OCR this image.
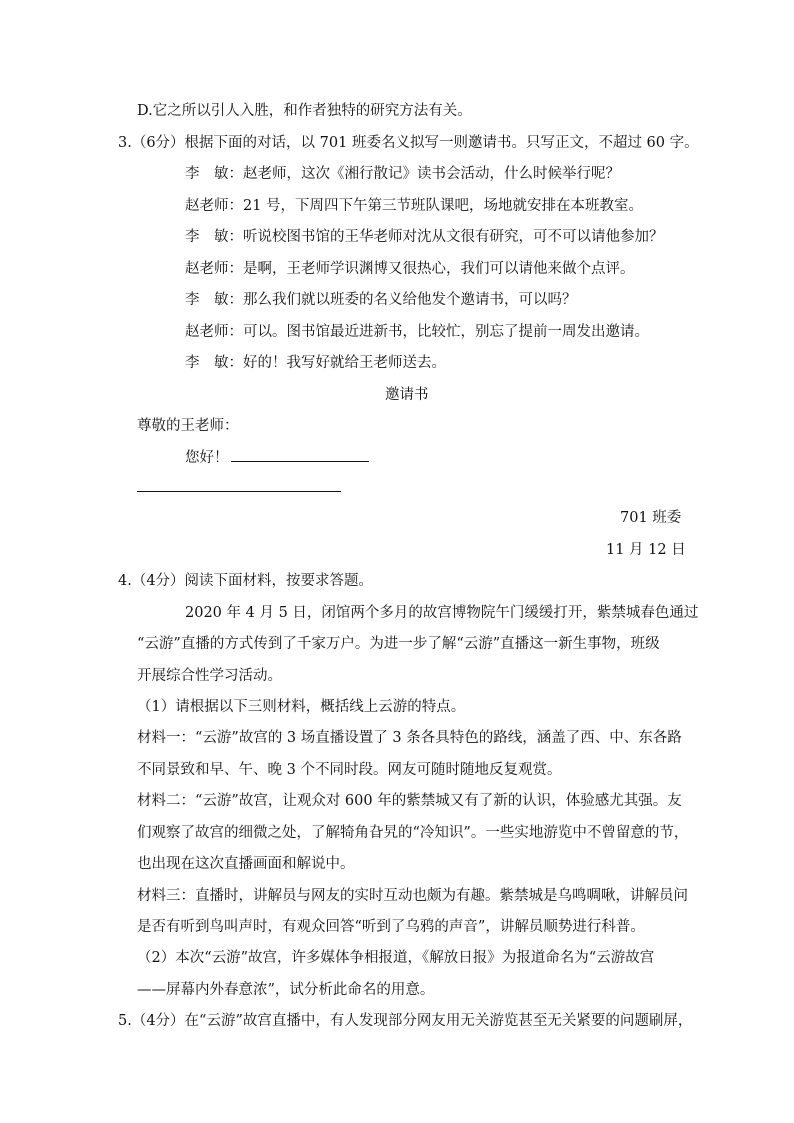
D.它之所以引人入胜，和作者独特的研究方法有关。
3.（6分）根据下面的对话，以 701 班委名义拟写一则邀请书。只写正文，不超过 60 字。
李　敏：赵老师，这次《湘行散记》读书会活动，什么时候举行呢？
赵老师：21 号，下周四下午第三节班队课吧，场地就安排在本班教室。
李　敏：听说校图书馆的王华老师对沈从文很有研究，可不可以请他参加？
赵老师：是啊，王老师学识渊博又很热心，我们可以请他来做个点评。
李　敏：那么我们就以班委的名义给他发个邀请书，可以吗？
赵老师：可以。图书馆最近进新书，比较忙，别忘了提前一周发出邀请。
李　敏：好的！我写好就给王老师送去。
邀请书
尊敬的王老师：
您好！
701 班委
11 月 12 日
4.（4分）阅读下面材料，按要求答题。
2020 年 4 月 5 日，闭馆两个多月的故宫博物院午门缓缓打开，紫禁城春色通过
“云游”直播的方式传到了千家万户。为进一步了解“云游”直播这一新生事物，班级
开展综合性学习活动。
（1）请根据以下三则材料，概括线上云游的特点。
材料一：“云游”故宫的 3 场直播设置了 3 条各具特色的路线，涵盖了西、中、东各路
不同景致和早、午、晚 3 个不同时段。网友可随时随地反复观赏。
材料二：“云游”故宫，让观众对 600 年的紫禁城又有了新的认识，体验感尤其强。友
们观察了故宫的细微之处，了解犄角旮旯的“冷知识”。一些实地游览中不曾留意的节，
也出现在这次直播画面和解说中。
材料三：直播时，讲解员与网友的实时互动也颇为有趣。紫禁城是乌鸣啁啾，讲解员问
是否有听到鸟叫声时，有观众回答“听到了乌鸦的声音”，讲解员顺势进行科普。
（2）本次“云游”故宫，许多媒体争相报道，《解放日报》为报道命名为“云游故宫
——屏幕内外春意浓”，试分析此命名的用意。
5.（4分）在“云游”故宫直播中，有人发现部分网友用无关游览甚至无关紧要的问题刷屏，
